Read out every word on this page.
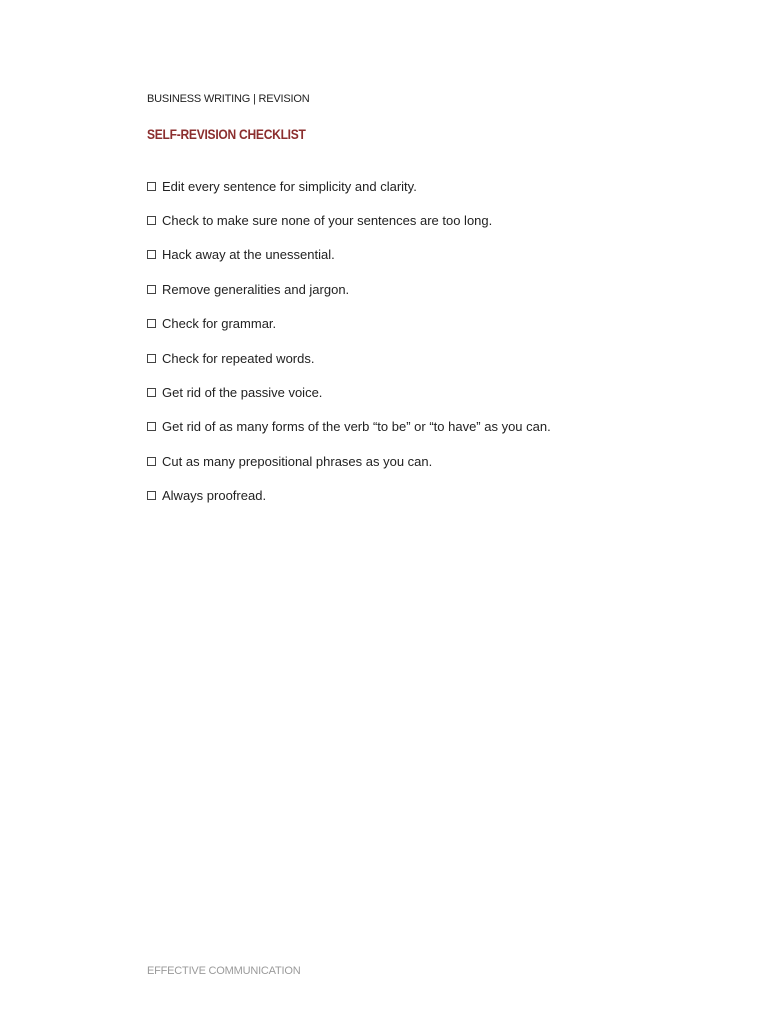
BUSINESS WRITING | REVISION
SELF-REVISION CHECKLIST
Edit every sentence for simplicity and clarity.
Check to make sure none of your sentences are too long.
Hack away at the unessential.
Remove generalities and jargon.
Check for grammar.
Check for repeated words.
Get rid of the passive voice.
Get rid of as many forms of the verb “to be” or “to have” as you can.
Cut as many prepositional phrases as you can.
Always proofread.
EFFECTIVE COMMUNICATION
